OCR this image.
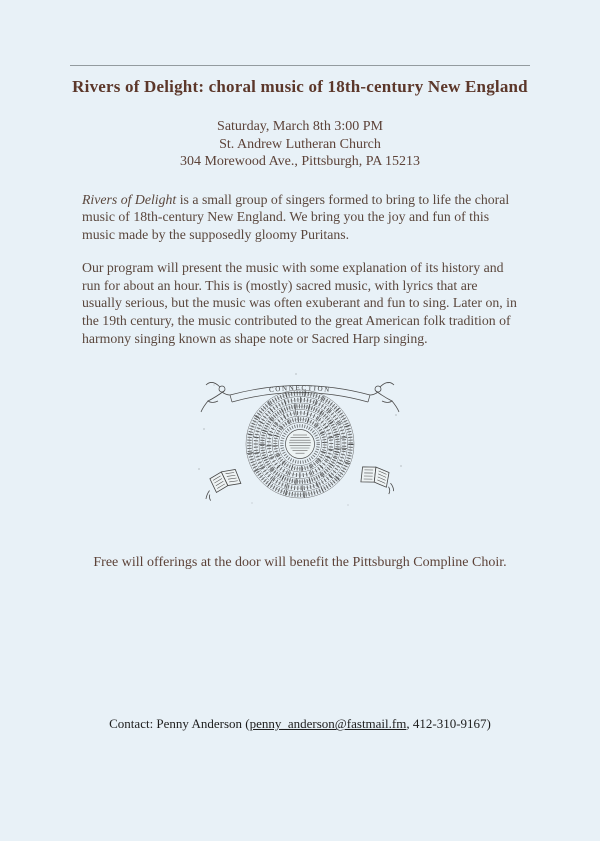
Rivers of Delight: choral music of 18th-century New England
Saturday, March 8th 3:00 PM
St. Andrew Lutheran Church
304 Morewood Ave., Pittsburgh, PA 15213

Rivers of Delight is a small group of singers formed to bring to life the choral music of 18th-century New England. We bring you the joy and fun of this music made by the supposedly gloomy Puritans.

Our program will present the music with some explanation of its history and run for about an hour. This is (mostly) sacred music, with lyrics that are usually serious, but the music was often exuberant and fun to sing. Later on, in the 19th century, the music contributed to the great American folk tradition of harmony singing known as shape note or Sacred Harp singing.

CONNECTION
Free will offerings at the door will benefit the Pittsburgh Compline Choir.
Contact: Penny Anderson (penny_anderson@fastmail.fm, 412-310-9167)
